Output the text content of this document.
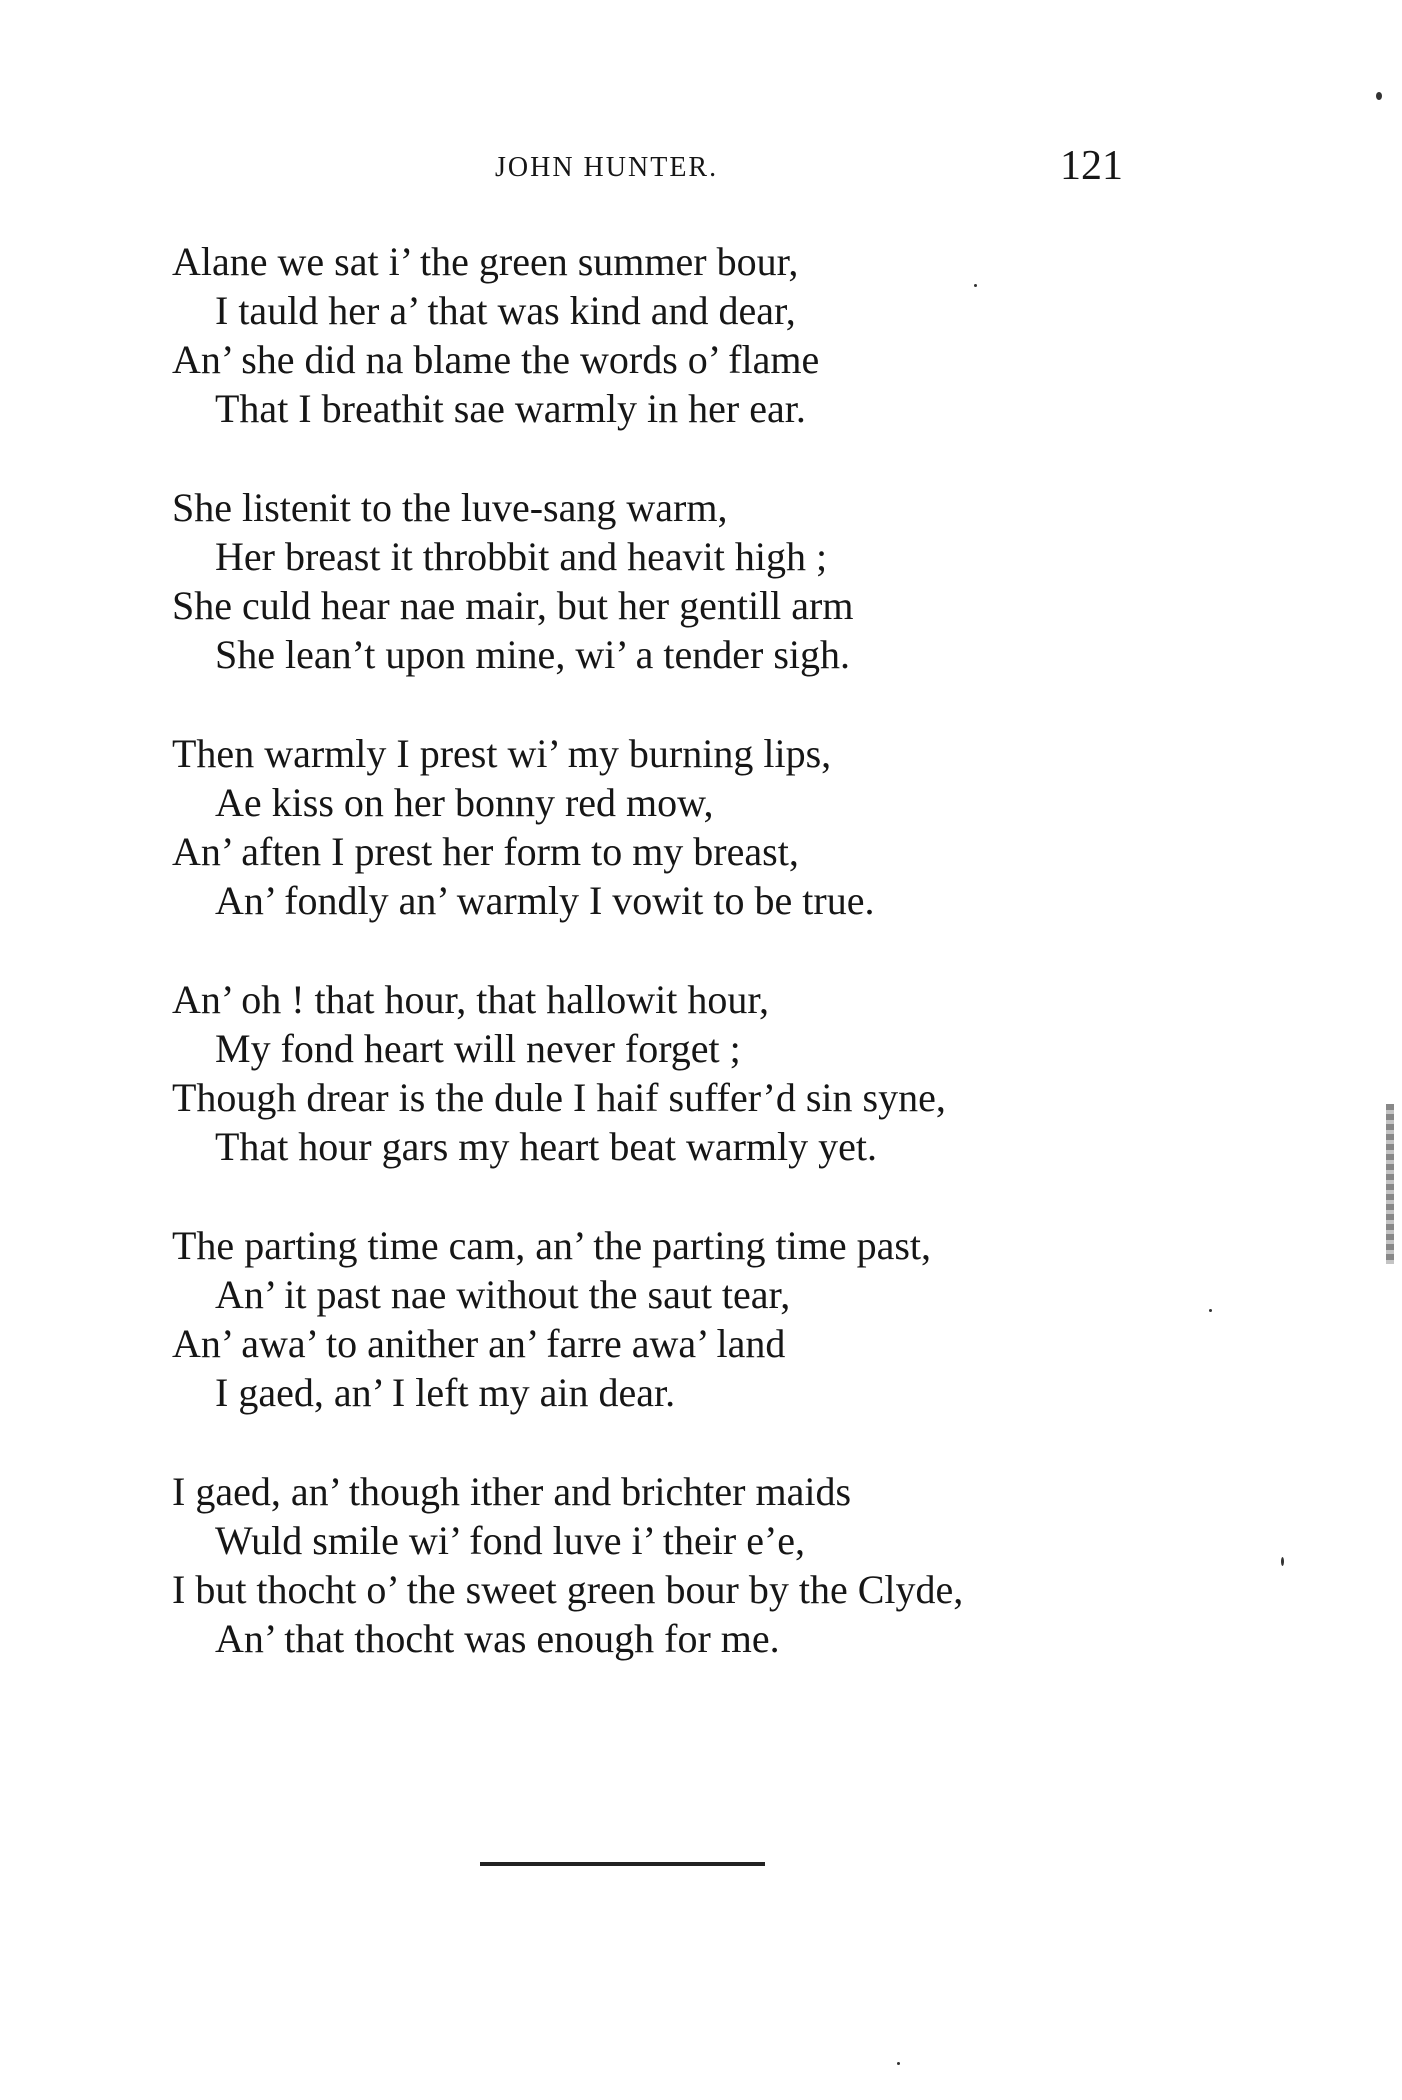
JOHN HUNTER.	121
Alane we sat i’ the green summer bour,
I tauld her a’ that was kind and dear,
An’ she did na blame the words o’ flame
That I breathit sae warmly in her ear.
She listenit to the luve-sang warm,
Her breast it throbbit and heavit high ;
She culd hear nae mair, but her gentill arm
She lean’t upon mine, wi’ a tender sigh.
Then warmly I prest wi’ my burning lips,
Ae kiss on her bonny red mow,
An’ aften I prest her form to my breast,
An’ fondly an’ warmly I vowit to be true.
An’ oh ! that hour, that hallowit hour,
My fond heart will never forget ;
Though drear is the dule I haif suffer’d sin syne,
That hour gars my heart beat warmly yet.
The parting time cam, an’ the parting time past,
An’ it past nae without the saut tear,
An’ awa’ to anither an’ farre awa’ land
I gaed, an’ I left my ain dear.
I gaed, an’ though ither and brichter maids
Wuld smile wi’ fond luve i’ their e’e,
I but thocht o’ the sweet green bour by the Clyde,
An’ that thocht was enough for me.
